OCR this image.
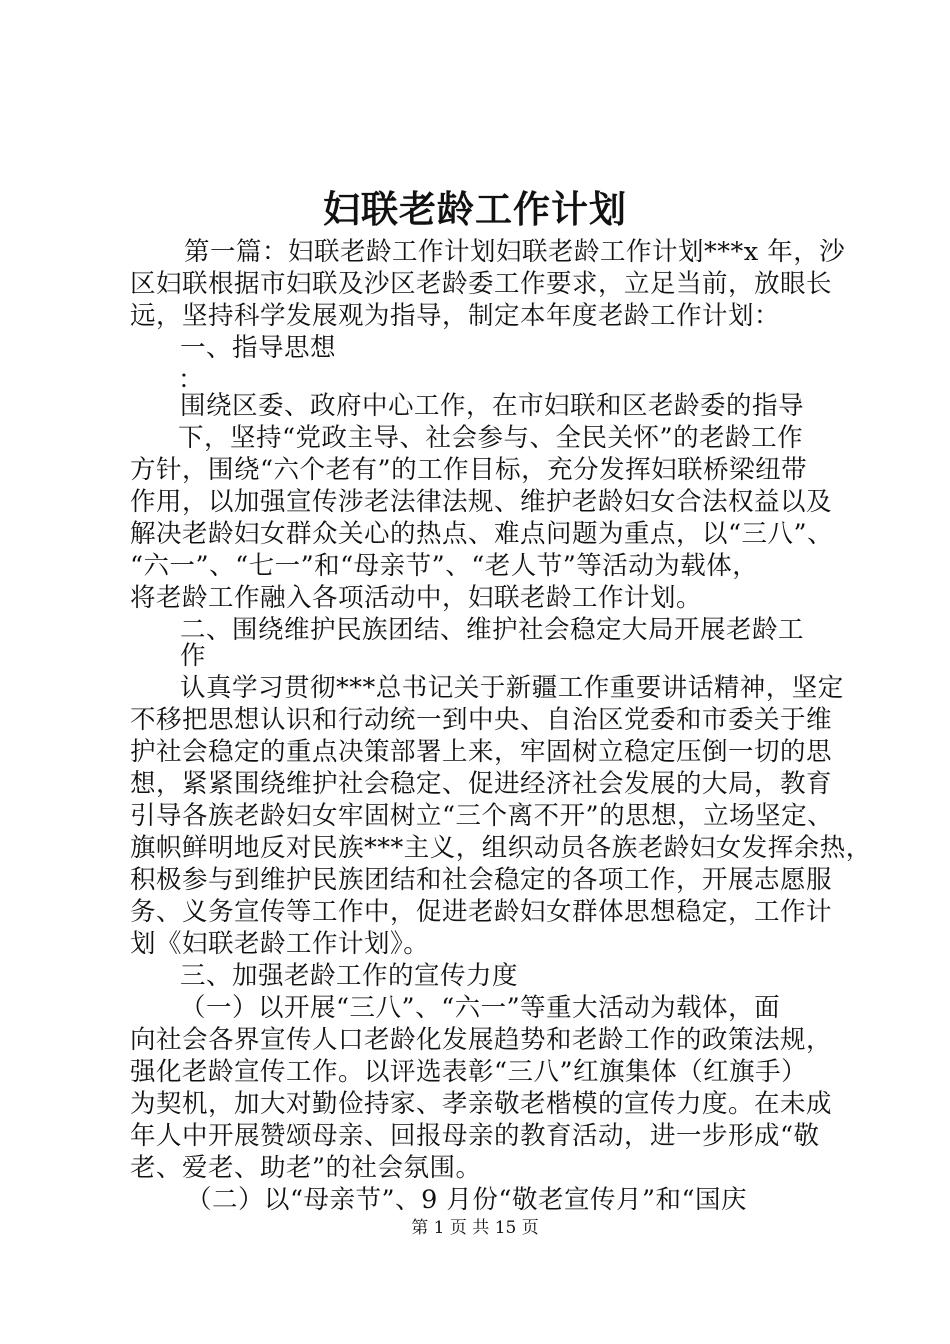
妇联老龄工作计划
第一篇：妇联老龄工作计划妇联老龄工作计划***x 年，沙
区妇联根据市妇联及沙区老龄委工作要求，立足当前，放眼长
远，坚持科学发展观为指导，制定本年度老龄工作计划：
一、指导思想
：
围绕区委、政府中心工作，在市妇联和区老龄委的指导
下，坚持“党政主导、社会参与、全民关怀”的老龄工作
方针，围绕“六个老有”的工作目标，充分发挥妇联桥梁纽带
作用，以加强宣传涉老法律法规、维护老龄妇女合法权益以及
解决老龄妇女群众关心的热点、难点问题为重点，以“三八”、
“六一”、“七一”和“母亲节”、“老人节”等活动为载体，
将老龄工作融入各项活动中，妇联老龄工作计划。
二、围绕维护民族团结、维护社会稳定大局开展老龄工
作
认真学习贯彻***总书记关于新疆工作重要讲话精神，坚定
不移把思想认识和行动统一到中央、自治区党委和市委关于维
护社会稳定的重点决策部署上来，牢固树立稳定压倒一切的思
想，紧紧围绕维护社会稳定、促进经济社会发展的大局，教育
引导各族老龄妇女牢固树立“三个离不开”的思想，立场坚定、
旗帜鲜明地反对民族***主义，组织动员各族老龄妇女发挥余热，
积极参与到维护民族团结和社会稳定的各项工作，开展志愿服
务、义务宣传等工作中，促进老龄妇女群体思想稳定，工作计
划《妇联老龄工作计划》。
三、加强老龄工作的宣传力度
（一）以开展“三八”、“六一”等重大活动为载体，面
向社会各界宣传人口老龄化发展趋势和老龄工作的政策法规，
强化老龄宣传工作。以评选表彰“三八”红旗集体（红旗手）
为契机，加大对勤俭持家、孝亲敬老楷模的宣传力度。在未成
年人中开展赞颂母亲、回报母亲的教育活动，进一步形成“敬
老、爱老、助老”的社会氛围。
（二）以“母亲节”、9 月份“敬老宣传月”和“国庆
第 1 页 共 15 页
